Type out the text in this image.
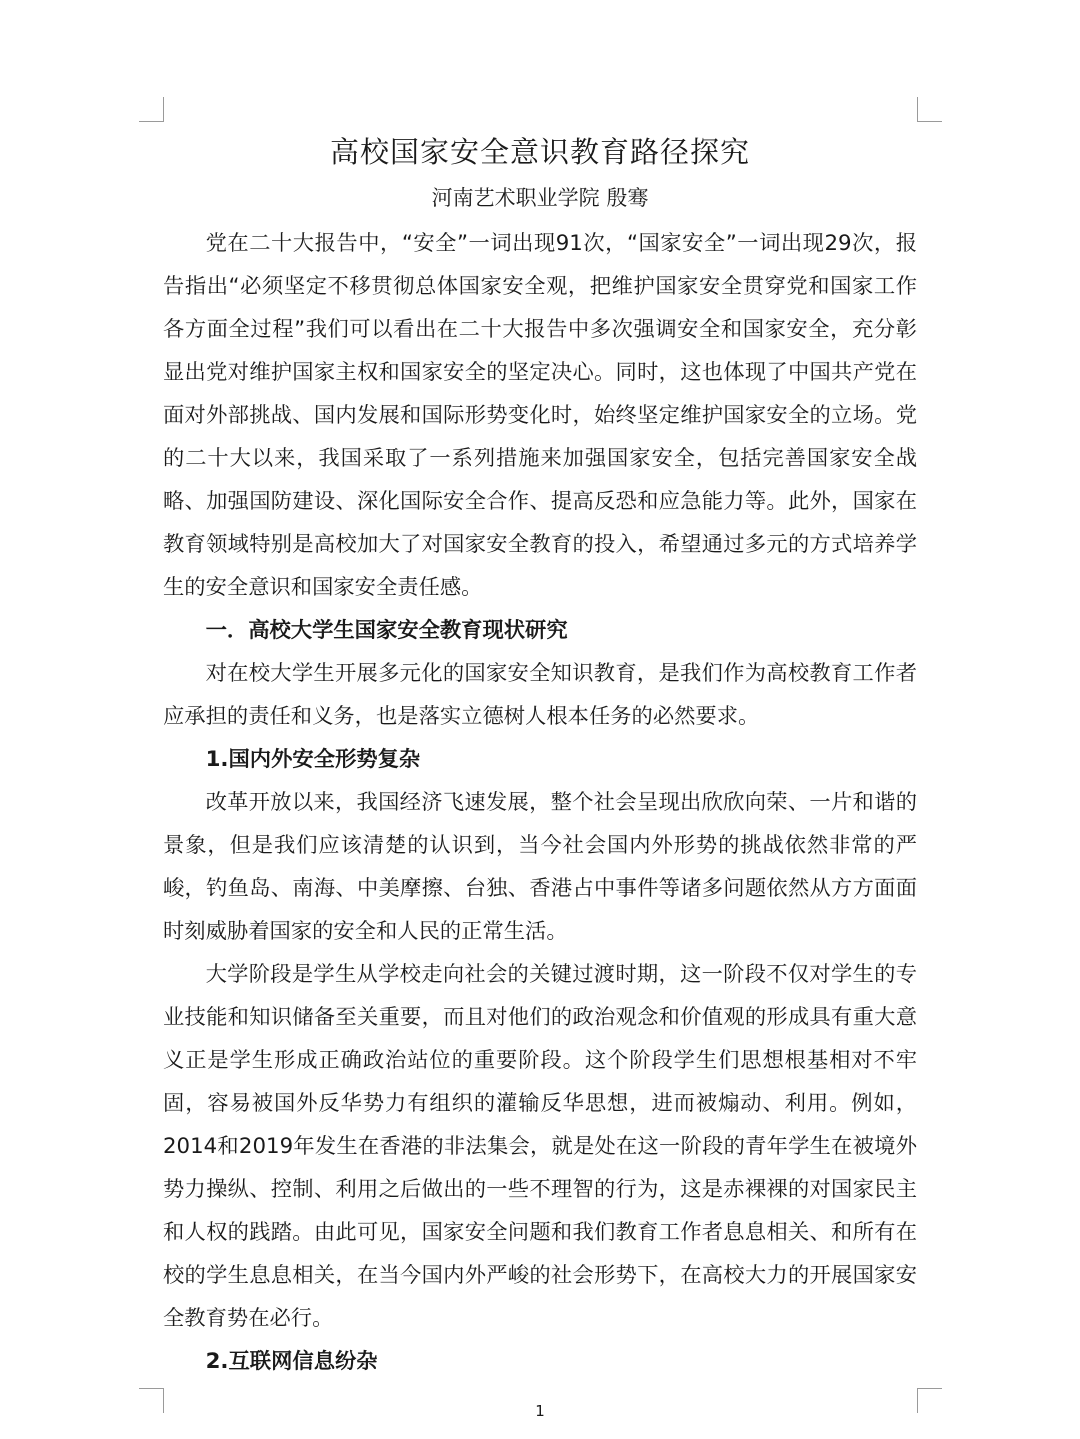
高校国家安全意识教育路径探究
河南艺术职业学院 殷骞

党在二十大报告中，“安全”一词出现91次，“国家安全”一词出现29次，报告指出“必须坚定不移贯彻总体国家安全观，把维护国家安全贯穿党和国家工作各方面全过程”我们可以看出在二十大报告中多次强调安全和国家安全，充分彰显出党对维护国家主权和国家安全的坚定决心。同时，这也体现了中国共产党在面对外部挑战、国内发展和国际形势变化时，始终坚定维护国家安全的立场。党的二十大以来，我国采取了一系列措施来加强国家安全，包括完善国家安全战略、加强国防建设、深化国际安全合作、提高反恐和应急能力等。此外，国家在教育领域特别是高校加大了对国家安全教育的投入，希望通过多元的方式培养学生的安全意识和国家安全责任感。

一．高校大学生国家安全教育现状研究

对在校大学生开展多元化的国家安全知识教育，是我们作为高校教育工作者应承担的责任和义务，也是落实立德树人根本任务的必然要求。

1.国内外安全形势复杂

改革开放以来，我国经济飞速发展，整个社会呈现出欣欣向荣、一片和谐的景象，但是我们应该清楚的认识到，当今社会国内外形势的挑战依然非常的严峻，钓鱼岛、南海、中美摩擦、台独、香港占中事件等诸多问题依然从方方面面时刻威胁着国家的安全和人民的正常生活。

大学阶段是学生从学校走向社会的关键过渡时期，这一阶段不仅对学生的专业技能和知识储备至关重要，而且对他们的政治观念和价值观的形成具有重大意义正是学生形成正确政治站位的重要阶段。这个阶段学生们思想根基相对不牢固，容易被国外反华势力有组织的灌输反华思想，进而被煽动、利用。例如，2014和2019年发生在香港的非法集会，就是处在这一阶段的青年学生在被境外势力操纵、控制、利用之后做出的一些不理智的行为，这是赤裸裸的对国家民主和人权的践踏。由此可见，国家安全问题和我们教育工作者息息相关、和所有在校的学生息息相关，在当今国内外严峻的社会形势下，在高校大力的开展国家安全教育势在必行。

2.互联网信息纷杂

1
